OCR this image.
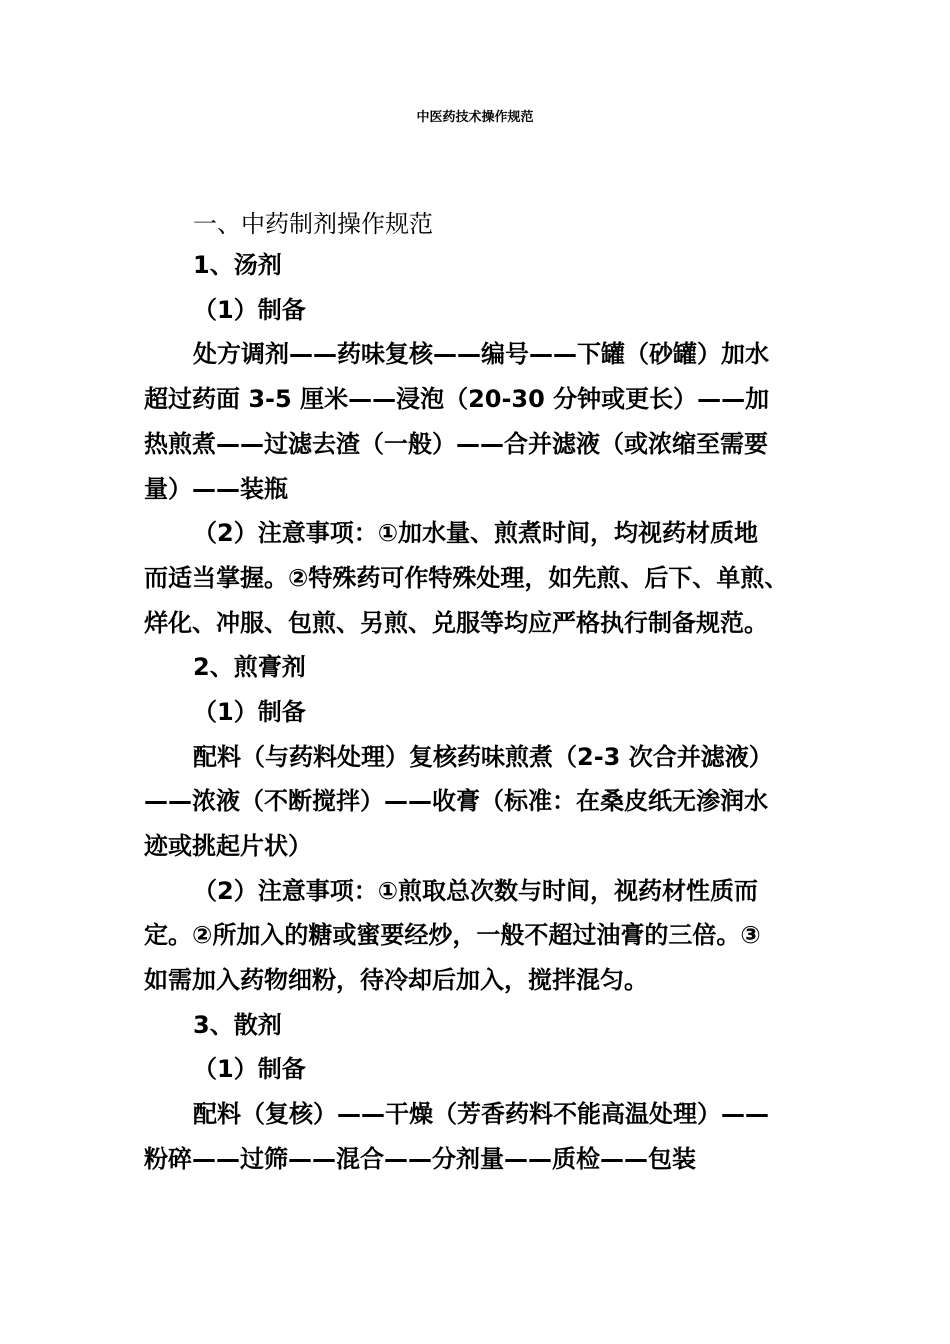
中医药技术操作规范
一、中药制剂操作规范
1、汤剂
（1）制备
处方调剂——药味复核——编号——下罐（砂罐）加水
超过药面 3-5 厘米——浸泡（20-30 分钟或更长）——加
热煎煮——过滤去渣（一般）——合并滤液（或浓缩至需要
量）——装瓶
（2）注意事项：①加水量、煎煮时间，均视药材质地
而适当掌握。②特殊药可作特殊处理，如先煎、后下、单煎、
烊化、冲服、包煎、另煎、兑服等均应严格执行制备规范。
2、煎膏剂
（1）制备
配料（与药料处理）复核药味煎煮（2-3 次合并滤液）
——浓液（不断搅拌）——收膏（标准：在桑皮纸无渗润水
迹或挑起片状）
（2）注意事项：①煎取总次数与时间，视药材性质而
定。②所加入的糖或蜜要经炒，一般不超过油膏的三倍。③
如需加入药物细粉，待冷却后加入，搅拌混匀。
3、散剂
（1）制备
配料（复核）——干燥（芳香药料不能高温处理）——
粉碎——过筛——混合——分剂量——质检——包装
